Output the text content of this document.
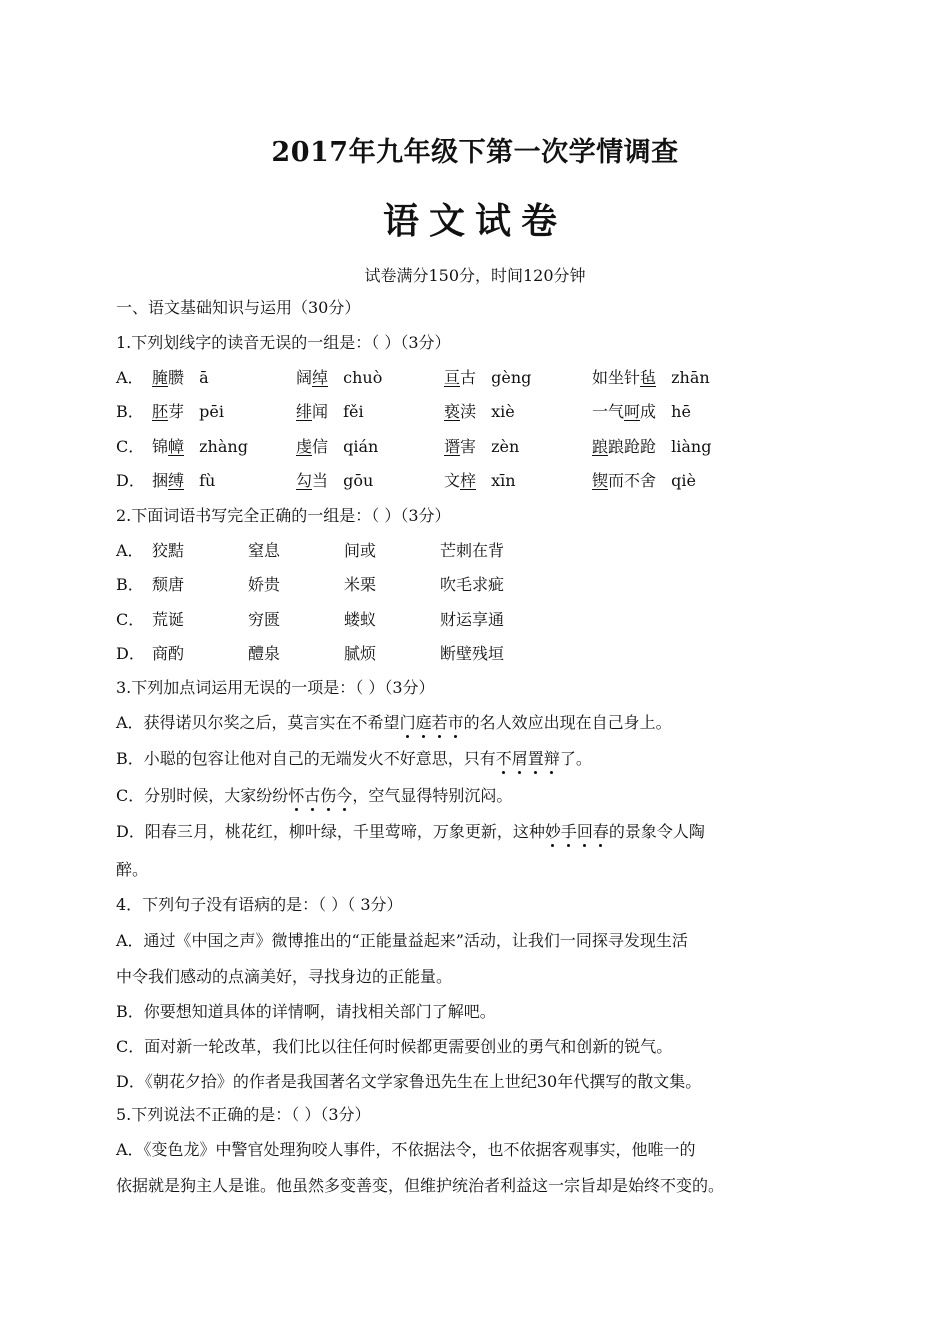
2017年九年级下第一次学情调查
语文试卷
试卷满分150分，时间120分钟
一、语文基础知识与运用（30分）
1.下列划线字的读音无误的一组是：（ ）（3分）
A． 腌臜 ā	阔绰 chuò	亘古 gèng	如坐针毡 zhān
B． 胚芽 pēi	绯闻 fěi	亵渎 xiè	一气呵成 hē
C． 锦幛 zhàng	虔信 qián	谮害 zèn	踉踉跄跄 liàng
D． 捆缚 fù	勾当 gōu	文梓 xīn	锲而不舍 qiè
2.下面词语书写完全正确的一组是：（ ）（3分）
A． 狡黠	窒息	间或	芒刺在背
B． 颓唐	娇贵	米栗	吹毛求疵
C． 荒诞	穷匮	蝼蚁	财运享通
D． 商酌	醴泉	腻烦	断壁残垣
3.下列加点词运用无误的一项是：（ ）（3分）
A．获得诺贝尔奖之后，莫言实在不希望门庭若市的名人效应出现在自己身上。
B．小聪的包容让他对自己的无端发火不好意思，只有不屑置辩了。
C．分别时候，大家纷纷怀古伤今，空气显得特别沉闷。
D．阳春三月，桃花红，柳叶绿，千里莺啼，万象更新，这种妙手回春的景象令人陶
醉。
4．下列句子没有语病的是：（ ）（ 3分）
A．通过《中国之声》微博推出的“正能量益起来”活动，让我们一同探寻发现生活
中令我们感动的点滴美好，寻找身边的正能量。
B．你要想知道具体的详情啊，请找相关部门了解吧。
C．面对新一轮改革，我们比以往任何时候都更需要创业的勇气和创新的锐气。
D．《朝花夕拾》的作者是我国著名文学家鲁迅先生在上世纪30年代撰写的散文集。
5.下列说法不正确的是：（ ）（3分）
A．《变色龙》中警官处理狗咬人事件，不依据法令，也不依据客观事实，他唯一的
依据就是狗主人是谁。他虽然多变善变，但维护统治者利益这一宗旨却是始终不变的。
